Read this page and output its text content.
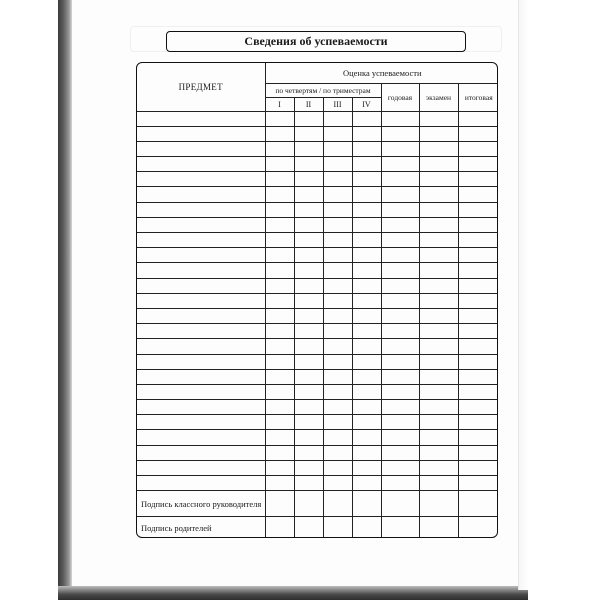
Сведения об успеваемости
ПРЕДМЕТ	Оценка успеваемости						
	по четвертям / по триместрам				годовая	экзамен	итоговая
	I	II	III	IV			

Подпись классного руководителя							
Подпись родителей							
